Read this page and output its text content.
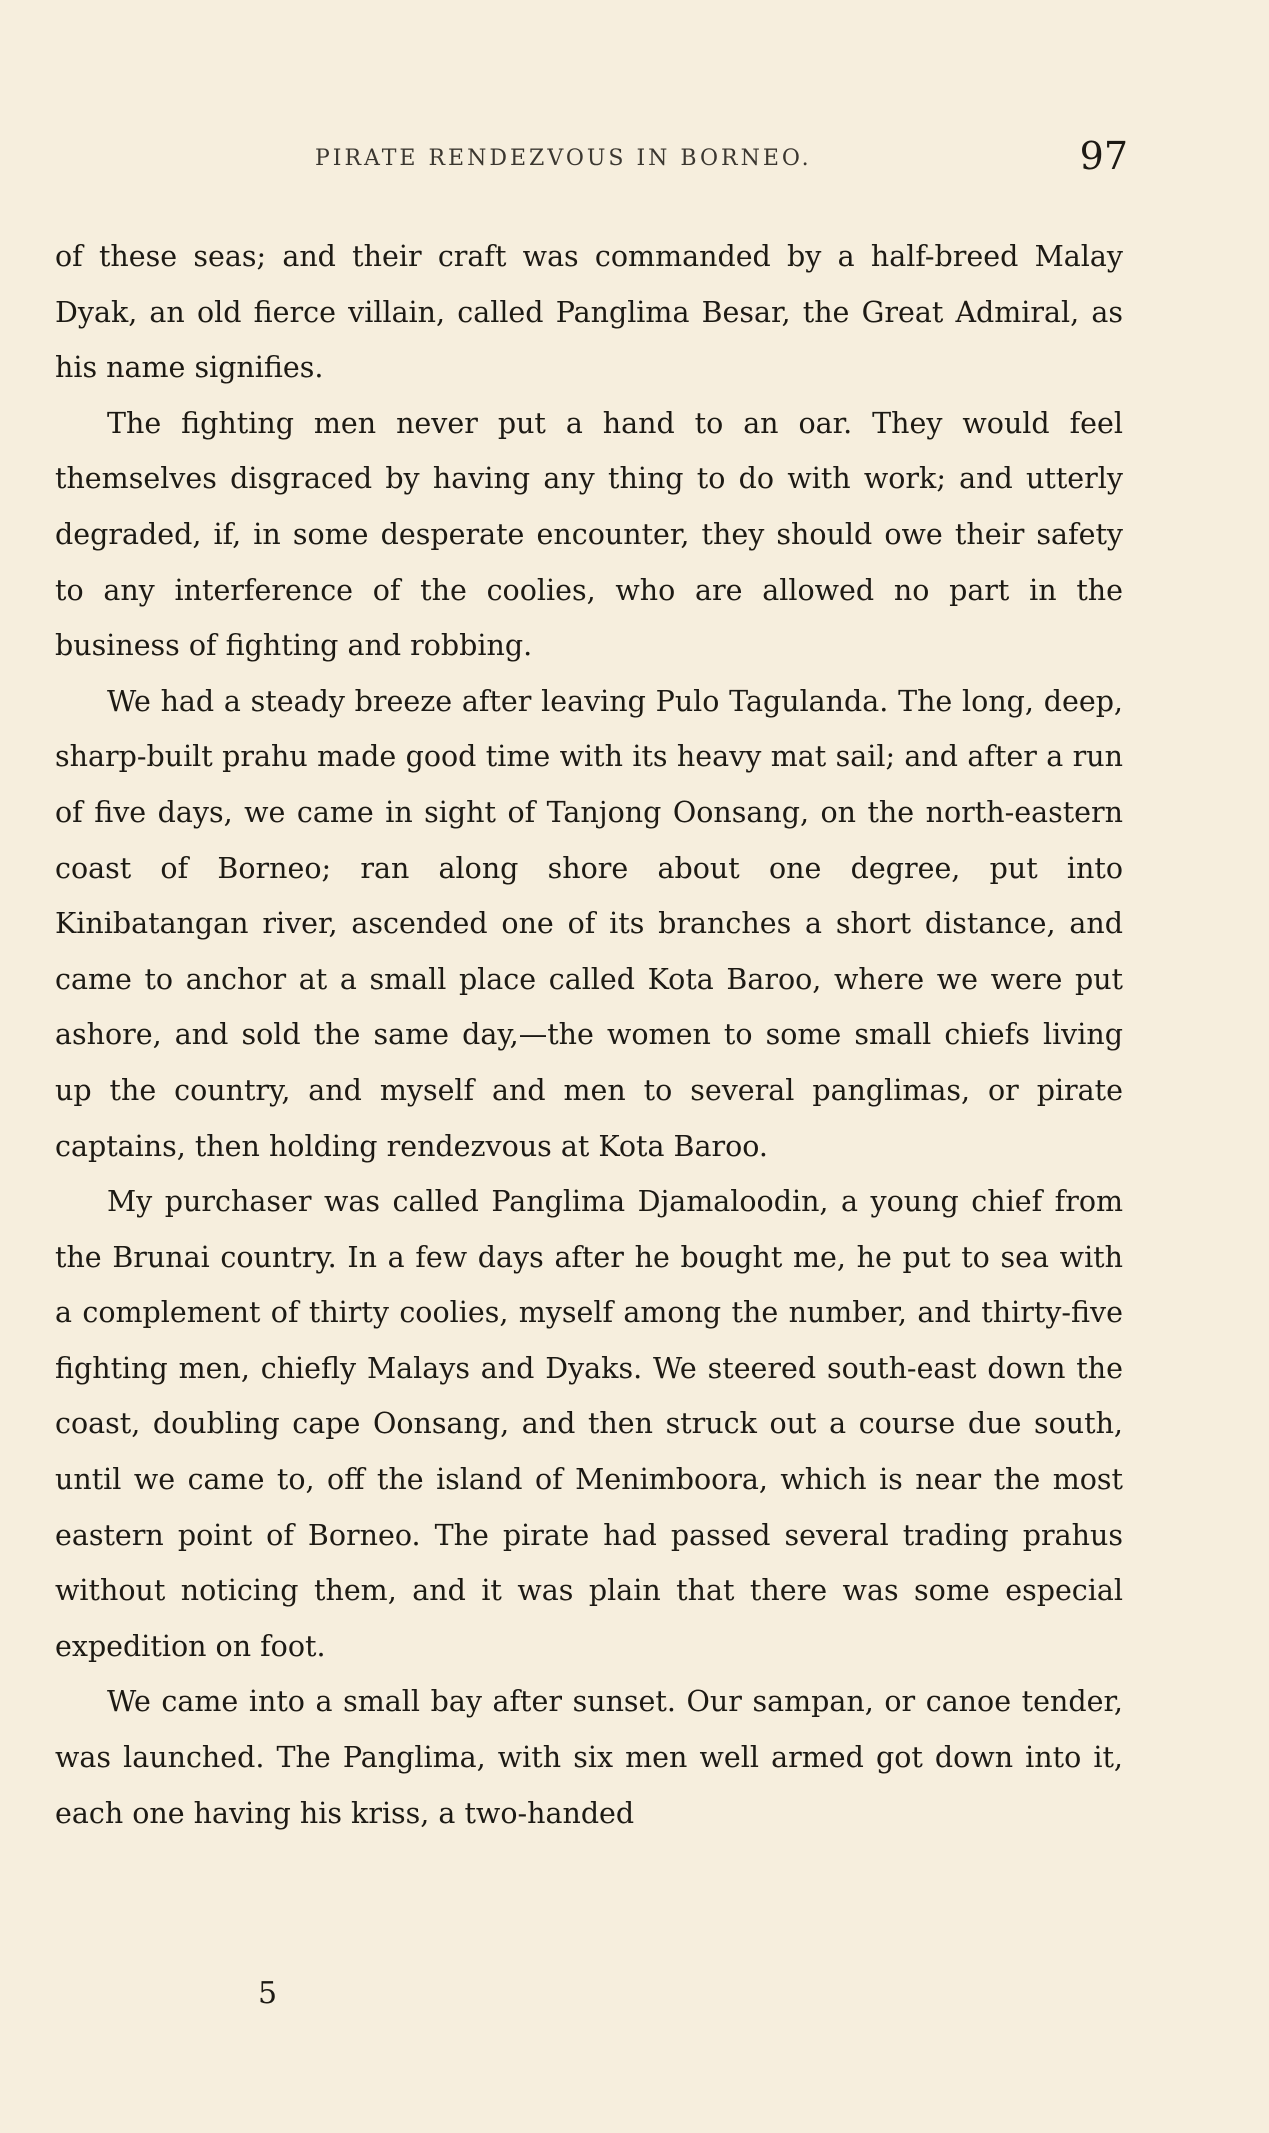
PIRATE RENDEZVOUS IN BORNEO.	97

of these seas; and their craft was commanded by a half-breed Malay Dyak, an old fierce villain, called Panglima Besar, the Great Admiral, as his name signifies.

The fighting men never put a hand to an oar. They would feel themselves disgraced by having any thing to do with work; and utterly degraded, if, in some desperate encounter, they should owe their safety to any interference of the coolies, who are allowed no part in the business of fighting and robbing.

We had a steady breeze after leaving Pulo Tagulanda. The long, deep, sharp-built prahu made good time with its heavy mat sail; and after a run of five days, we came in sight of Tanjong Oonsang, on the north-eastern coast of Borneo; ran along shore about one degree, put into Kinibatangan river, ascended one of its branches a short distance, and came to anchor at a small place called Kota Baroo, where we were put ashore, and sold the same day,—the women to some small chiefs living up the country, and myself and men to several panglimas, or pirate captains, then holding rendezvous at Kota Baroo.

My purchaser was called Panglima Djamaloodin, a young chief from the Brunai country. In a few days after he bought me, he put to sea with a complement of thirty coolies, myself among the number, and thirty-five fighting men, chiefly Malays and Dyaks. We steered south-east down the coast, doubling cape Oonsang, and then struck out a course due south, until we came to, off the island of Menimboora, which is near the most eastern point of Borneo. The pirate had passed several trading prahus without noticing them, and it was plain that there was some especial expedition on foot.

We came into a small bay after sunset. Our sampan, or canoe tender, was launched. The Panglima, with six men well armed got down into it, each one having his kriss, a two-handed

5
